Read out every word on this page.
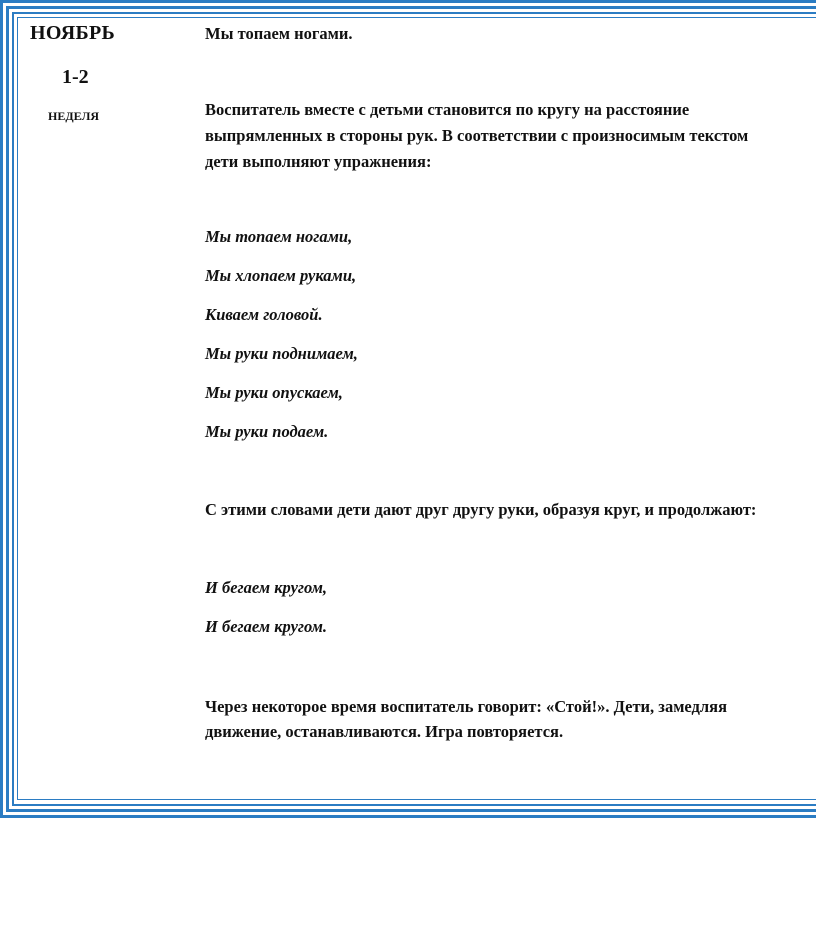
НОЯБРЬ
1-2
НЕДЕЛЯ

Мы топаем ногами.

Воспитатель вместе с детьми становится по кругу на расстояние

выпрямленных в стороны рук. В соответствии с произносимым текстом

дети выполняют упражнения:

Мы топаем ногами,

Мы хлопаем руками,

Киваем головой.

Мы руки поднимаем,

Мы руки опускаем,

Мы руки подаем.

С этими словами дети дают друг другу руки, образуя круг, и продолжают:

И бегаем кругом,

И бегаем кругом.

Через некоторое время воспитатель говорит: «Стой!». Дети, замедляя

движение, останавливаются. Игра повторяется.
